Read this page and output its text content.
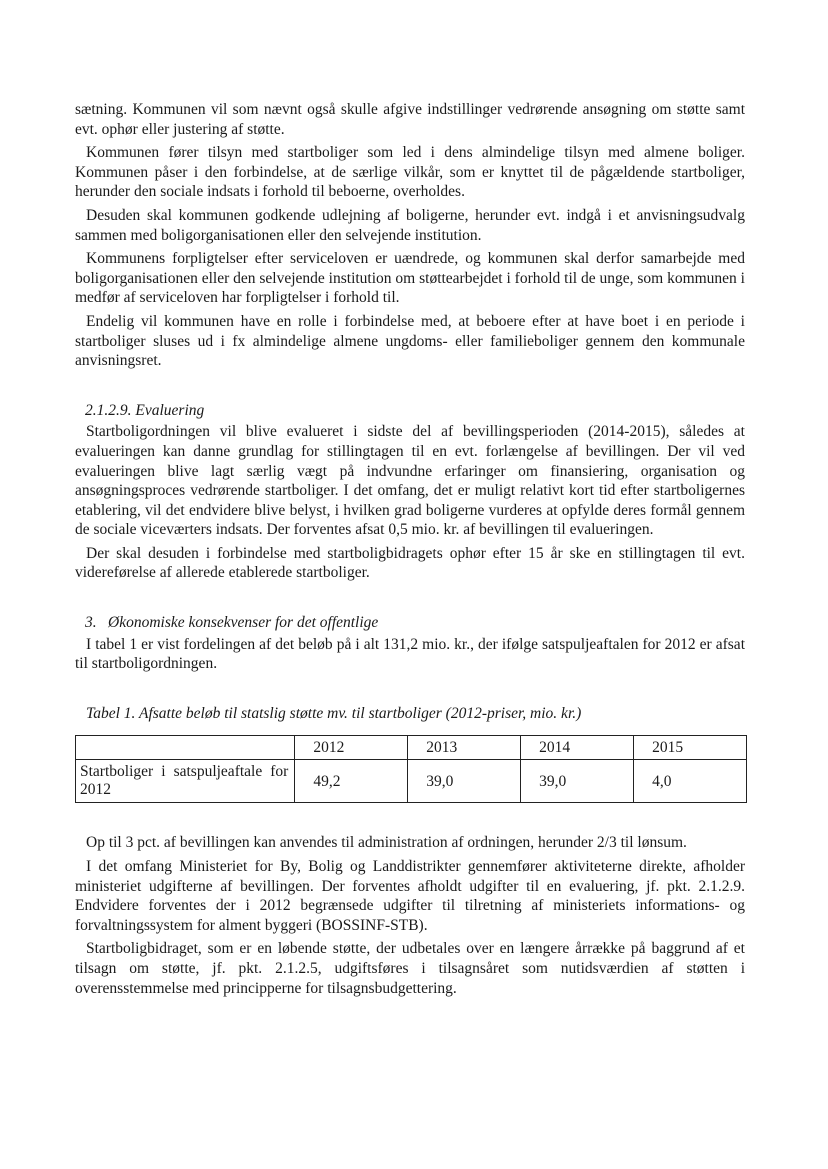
sætning. Kommunen vil som nævnt også skulle afgive indstillinger vedrørende ansøgning om støtte samt evt. ophør eller justering af støtte.

Kommunen fører tilsyn med startboliger som led i dens almindelige tilsyn med almene boliger. Kommunen påser i den forbindelse, at de særlige vilkår, som er knyttet til de pågældende startboliger, herunder den sociale indsats i forhold til beboerne, overholdes.

Desuden skal kommunen godkende udlejning af boligerne, herunder evt. indgå i et anvisningsudvalg sammen med boligorganisationen eller den selvejende institution.

Kommunens forpligtelser efter serviceloven er uændrede, og kommunen skal derfor samarbejde med boligorganisationen eller den selvejende institution om støttearbejdet i forhold til de unge, som kommunen i medfør af serviceloven har forpligtelser i forhold til.

Endelig vil kommunen have en rolle i forbindelse med, at beboere efter at have boet i en periode i startboliger sluses ud i fx almindelige almene ungdoms- eller familieboliger gennem den kommunale anvisningsret.

2.1.2.9. Evaluering

Startboligordningen vil blive evalueret i sidste del af bevillingsperioden (2014-2015), således at evalueringen kan danne grundlag for stillingtagen til en evt. forlængelse af bevillingen. Der vil ved evalueringen blive lagt særlig vægt på indvundne erfaringer om finansiering, organisation og ansøgningsproces vedrørende startboliger. I det omfang, det er muligt relativt kort tid efter startboligernes etablering, vil det endvidere blive belyst, i hvilken grad boligerne vurderes at opfylde deres formål gennem de sociale viceværters indsats. Der forventes afsat 0,5 mio. kr. af bevillingen til evalueringen.

Der skal desuden i forbindelse med startboligbidragets ophør efter 15 år ske en stillingtagen til evt. videreførelse af allerede etablerede startboliger.

3. Økonomiske konsekvenser for det offentlige

I tabel 1 er vist fordelingen af det beløb på i alt 131,2 mio. kr., der ifølge satspuljeaftalen for 2012 er afsat til startboligordningen.

Tabel 1. Afsatte beløb til statslig støtte mv. til startboliger (2012-priser, mio. kr.)
	2012	2013	2014	2015
Startboliger i satspuljeaftale for 2012	49,2	39,0	39,0	4,0

Op til 3 pct. af bevillingen kan anvendes til administration af ordningen, herunder 2/3 til lønsum.

I det omfang Ministeriet for By, Bolig og Landdistrikter gennemfører aktiviteterne direkte, afholder ministeriet udgifterne af bevillingen. Der forventes afholdt udgifter til en evaluering, jf. pkt. 2.1.2.9. Endvidere forventes der i 2012 begrænsede udgifter til tilretning af ministeriets informations- og forvaltningssystem for alment byggeri (BOSSINF-STB).

Startboligbidraget, som er en løbende støtte, der udbetales over en længere årrække på baggrund af et tilsagn om støtte, jf. pkt. 2.1.2.5, udgiftsføres i tilsagnsåret som nutidsværdien af støtten i overensstemmelse med principperne for tilsagnsbudgettering.
